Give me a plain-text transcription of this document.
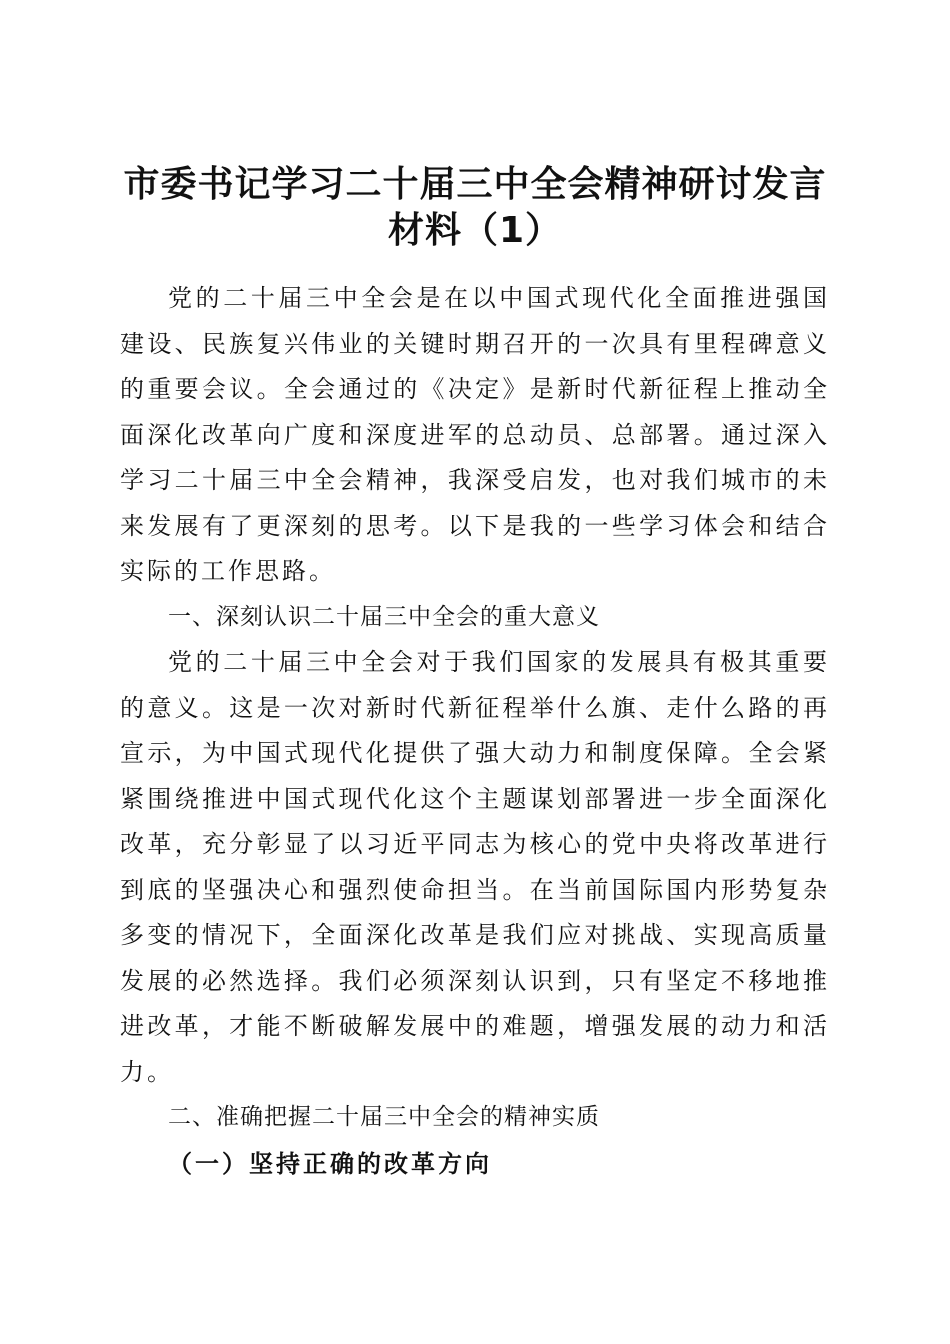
市委书记学习二十届三中全会精神研讨发言材料（1）

党的二十届三中全会是在以中国式现代化全面推进强国建设、民族复兴伟业的关键时期召开的一次具有里程碑意义的重要会议。全会通过的《决定》是新时代新征程上推动全面深化改革向广度和深度进军的总动员、总部署。通过深入学习二十届三中全会精神，我深受启发，也对我们城市的未来发展有了更深刻的思考。以下是我的一些学习体会和结合实际的工作思路。

一、深刻认识二十届三中全会的重大意义

党的二十届三中全会对于我们国家的发展具有极其重要的意义。这是一次对新时代新征程举什么旗、走什么路的再宣示，为中国式现代化提供了强大动力和制度保障。全会紧紧围绕推进中国式现代化这个主题谋划部署进一步全面深化改革，充分彰显了以习近平同志为核心的党中央将改革进行到底的坚强决心和强烈使命担当。在当前国际国内形势复杂多变的情况下，全面深化改革是我们应对挑战、实现高质量发展的必然选择。我们必须深刻认识到，只有坚定不移地推进改革，才能不断破解发展中的难题，增强发展的动力和活力。

二、准确把握二十届三中全会的精神实质
（一）坚持正确的改革方向
